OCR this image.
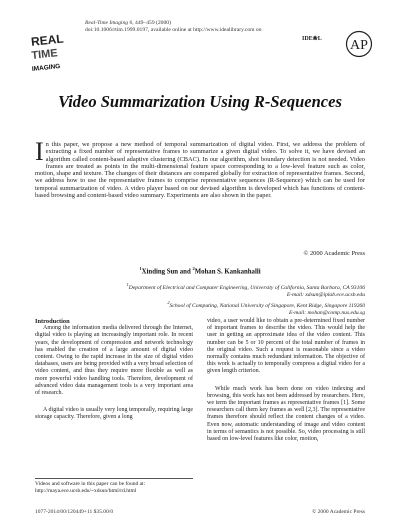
REAL
TIME
IMAGING
Real-Time Imaging 6, 449–459 (2000)
doi:10.1006/rtim.1999.0197, available online at http://www.idealibrary.com on
IDE❀L AP
Video Summarization Using R-Sequences
In this paper, we propose a new method of temporal summarization of digital video. First, we address the problem of extracting a fixed number of representative frames to summarize a given digital video. To solve it, we have devised an algorithm called content-based adaptive clustering (CBAC). In our algorithm, shot boundary detection is not needed. Video frames are treated as points in the multi-dimensional feature space corresponding to a low-level feature such as color, motion, shape and texture. The changes of their distances are compared globally for extraction of representative frames. Second, we address how to use the representative frames to comprise representative sequences (R-Sequence) which can be used for temporal summarization of video. A video player based on our devised algorithm is developed which has functions of content-based browsing and content-based video summary. Experiments are also shown in the paper.
© 2000 Academic Press
$^1$Xinding Sun and $^2$Mohan S. Kankanhalli
$^1$Department of Electrical and Computer Engineering, University of California, Santa Barbara, CA 93106
E-mail: xdsun@iplab.ece.ucsb.edu
$^2$School of Computing, National University of Singapore, Kent Ridge, Singapore 119260
E-mail: mohan@comp.nus.edu.sg

Introduction

Among the information media delivered through the Internet, digital video is playing an increasingly important role. In recent years, the development of compression and network technology has enabled the creation of a large amount of digital video content. Owing to the rapid increase in the size of digital video databases, users are being provided with a very broad selection of video content, and thus they require more flexible as well as more powerful video handling tools. Therefore, development of advanced video data management tools is a very important area of research.

A digital video is usually very long temporally, requiring large storage capacity. Therefore, given a long

video, a user would like to obtain a pre-determined fixed number of important frames to describe the video. This would help the user in getting an approximate idea of the video content. This number can be 5 or 10 percent of the total number of frames in the original video. Such a request is reasonable since a video normally contains much redundant information. The objective of this work is actually to temporally compress a digital video for a given length criterion.

While much work has been done on video indexing and browsing, this work has not been addressed by researchers. Here, we term the important frames as representative frames [1]. Some researchers call them key frames as well [2,3]. The representative frames therefore should reflect the content changes of a video. Even now, automatic understanding of image and video content in terms of semantics is not possible. So, video processing is still based on low-level features like color, motion,

Videos and software in this paper can be found at: http://maya.ece.ucsb.edu/~xdsun/html/rd.html
1077-2014/00/120449+11 $35.00/0	© 2000 Academic Press
